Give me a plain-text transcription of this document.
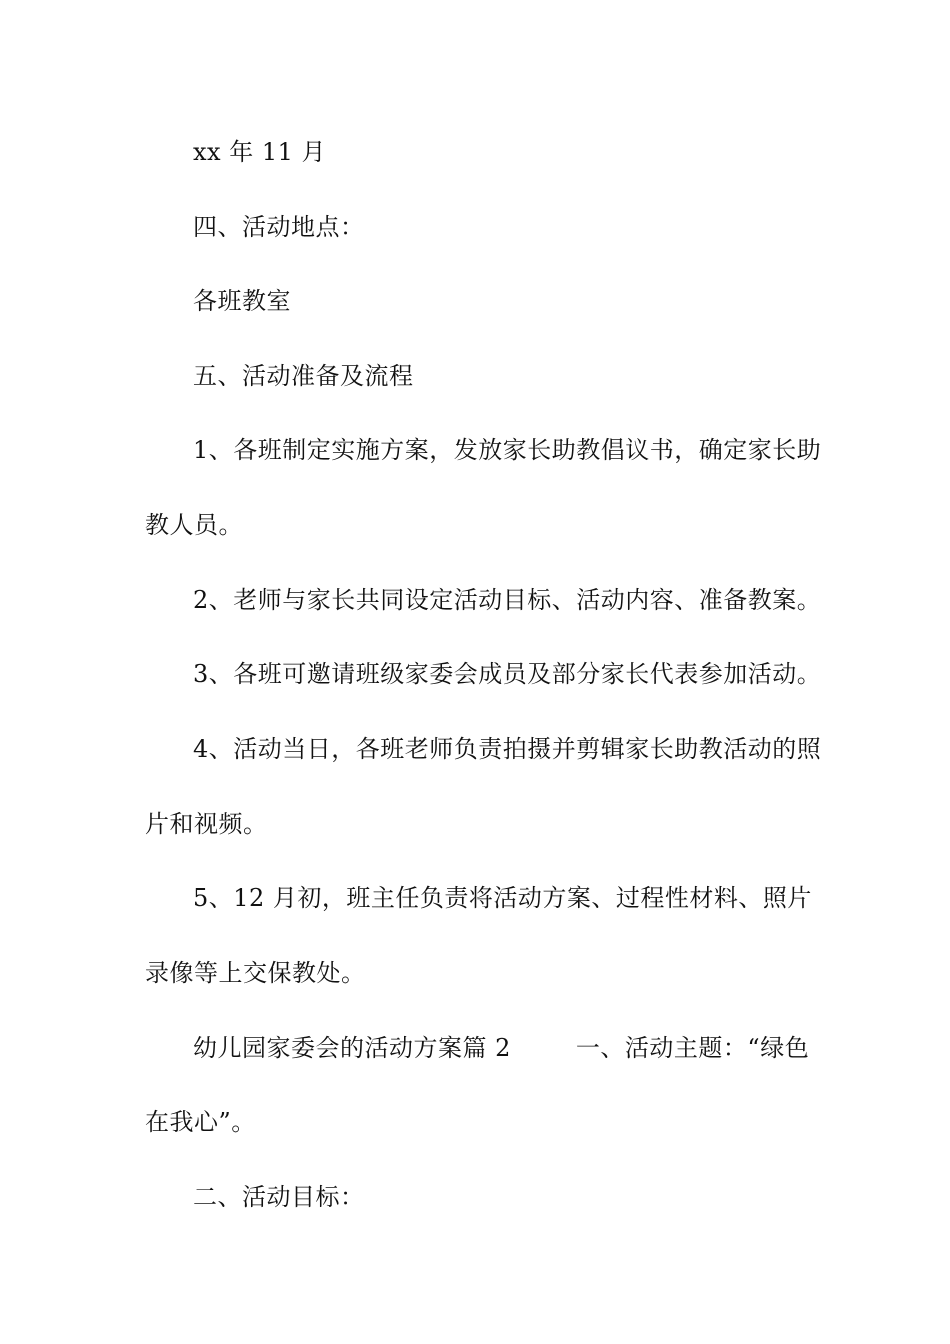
xx 年 11 月
四、活动地点：
各班教室
五、活动准备及流程
1、各班制定实施方案，发放家长助教倡议书，确定家长助
教人员。
2、老师与家长共同设定活动目标、活动内容、准备教案。
3、各班可邀请班级家委会成员及部分家长代表参加活动。
4、活动当日，各班老师负责拍摄并剪辑家长助教活动的照
片和视频。
5、12 月初，班主任负责将活动方案、过程性材料、照片
录像等上交保教处。
幼儿园家委会的活动方案篇 2        一、活动主题：“绿色
在我心”。
二、活动目标：
